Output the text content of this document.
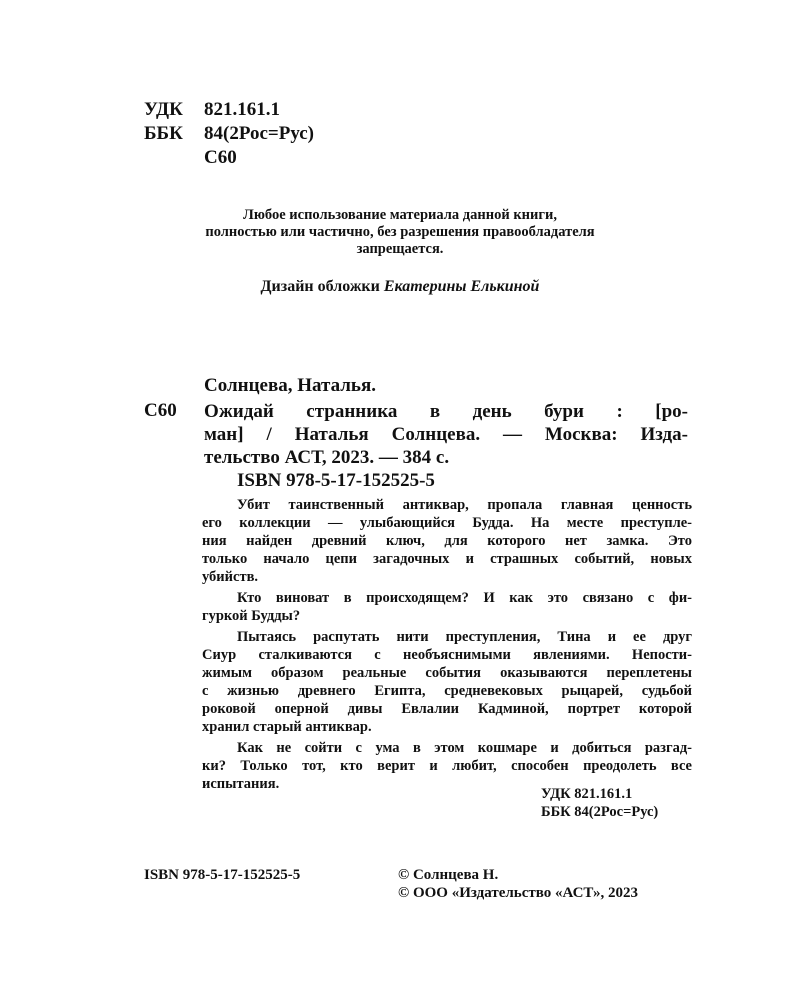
УДК 821.161.1
ББК 84(2Рос=Рус)
С60
Любое использование материала данной книги,
полностью или частично, без разрешения правообладателя
запрещается.
Дизайн обложки Екатерины Елькиной
Солнцева, Наталья.
С60 Ожидай странника в день бури : [ро-
ман] / Наталья Солнцева. — Москва: Изда-
тельство АСТ, 2023. — 384 с.
ISBN 978-5-17-152525-5
Убит таинственный антиквар, пропала главная ценность
его коллекции — улыбающийся Будда. На месте преступле-
ния найден древний ключ, для которого нет замка. Это
только начало цепи загадочных и страшных событий, новых
убийств.
Кто виноват в происходящем? И как это связано с фи-
гуркой Будды?
Пытаясь распутать нити преступления, Тина и ее друг
Сиур сталкиваются с необъяснимыми явлениями. Непости-
жимым образом реальные события оказываются переплетены
с жизнью древнего Египта, средневековых рыцарей, судьбой
роковой оперной дивы Евлалии Кадминой, портрет которой
хранил старый антиквар.
Как не сойти с ума в этом кошмаре и добиться разгад-
ки? Только тот, кто верит и любит, способен преодолеть все
испытания.
УДК 821.161.1
ББК 84(2Рос=Рус)
ISBN 978-5-17-152525-5	© Солнцева Н.
© ООО «Издательство «АСТ», 2023
